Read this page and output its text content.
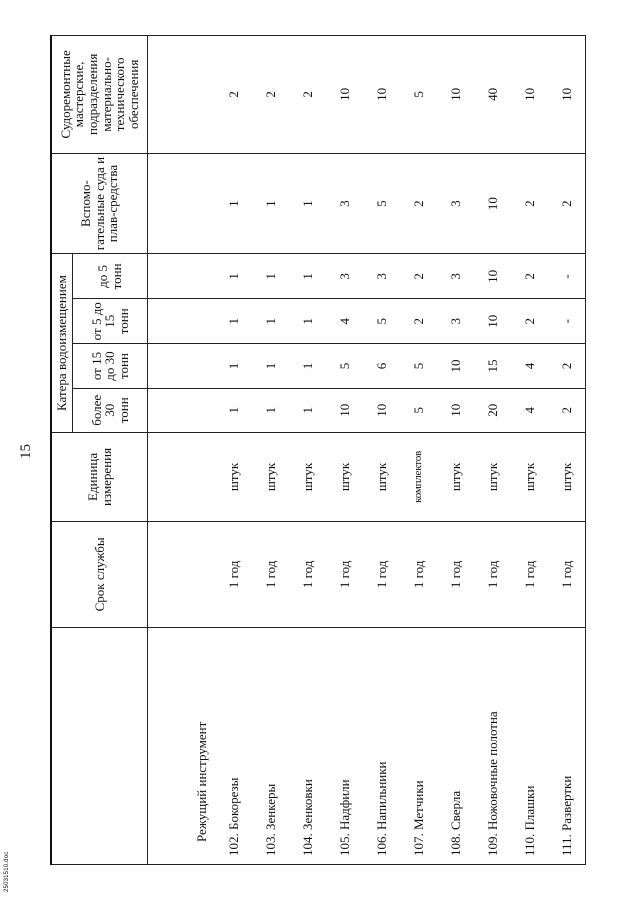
15
	Срок службы	Единица измерения	Катера водоизмещением				Вспомо-гательные суда и плав-средства	Судоремонтные мастерские, подразделения материально-технического обеспечения
			более 30 тонн	от 15 до 30 тонн	от 5 до 15 тонн	до 5 тонн		
Режущий инструмент								
102. Бокорезы	1 год	штук	1	1	1	1	1	2
103. Зенкеры	1 год	штук	1	1	1	1	1	2
104. Зенковки	1 год	штук	1	1	1	1	1	2
105. Надфили	1 год	штук	10	5	4	3	3	10
106. Напильники	1 год	штук	10	6	5	3	5	10
107. Метчики	1 год	комплектов	5	5	2	2	2	5
108. Сверла	1 год	штук	10	10	3	3	3	10
109. Ножовочные полотна	1 год	штук	20	15	10	10	10	40
110. Плашки	1 год	штук	4	4	2	2	2	10
111. Развертки	1 год	штук	2	2	-	-	2	10
25031510.doc
